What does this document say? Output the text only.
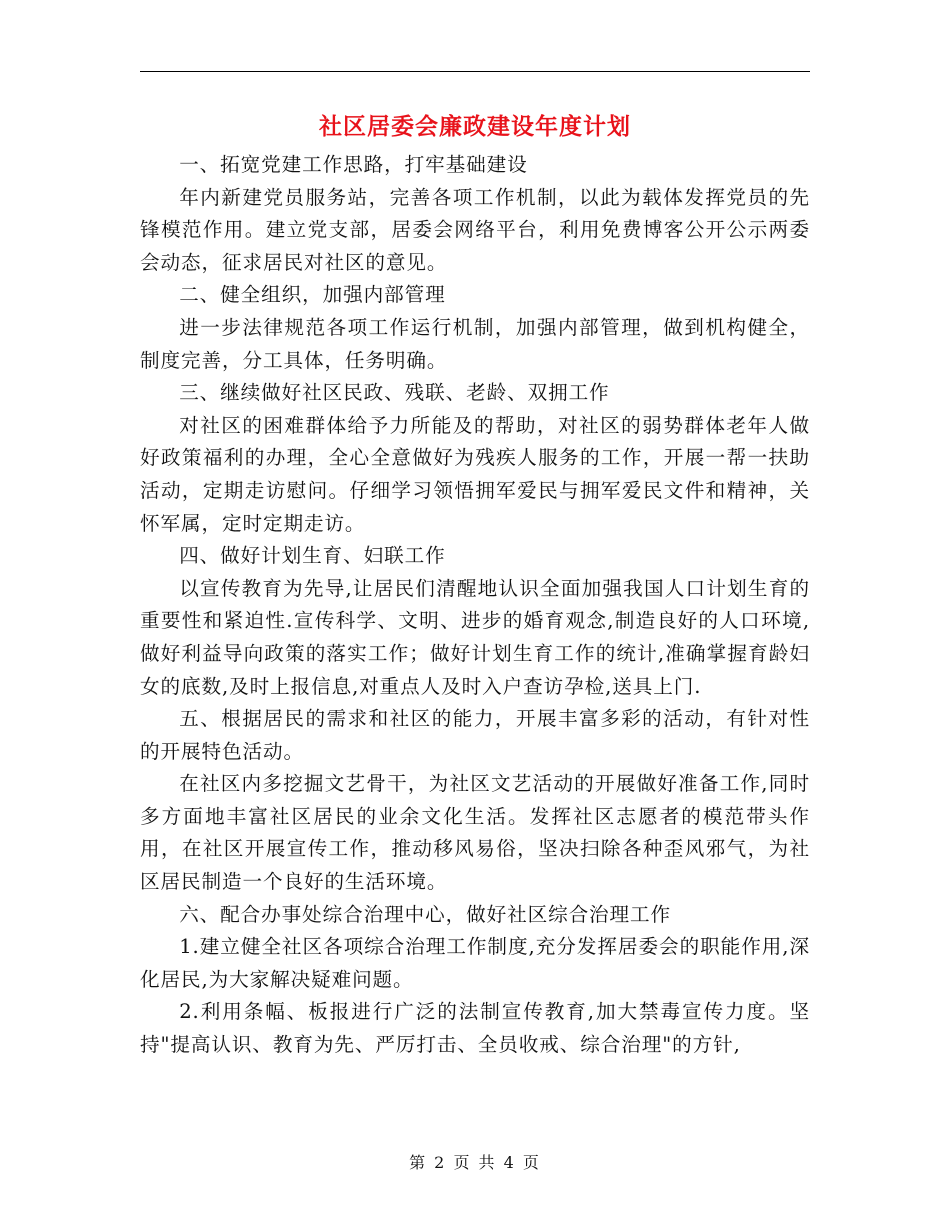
社区居委会廉政建设年度计划

一、拓宽党建工作思路，打牢基础建设

年内新建党员服务站，完善各项工作机制，以此为载体发挥党员的先锋模范作用。建立党支部，居委会网络平台，利用免费博客公开公示两委会动态，征求居民对社区的意见。

二、健全组织，加强内部管理

进一步法律规范各项工作运行机制，加强内部管理，做到机构健全，制度完善，分工具体，任务明确。

三、继续做好社区民政、残联、老龄、双拥工作

对社区的困难群体给予力所能及的帮助，对社区的弱势群体老年人做好政策福利的办理，全心全意做好为残疾人服务的工作，开展一帮一扶助活动，定期走访慰问。仔细学习领悟拥军爱民与拥军爱民文件和精神，关怀军属，定时定期走访。

四、做好计划生育、妇联工作

以宣传教育为先导,让居民们清醒地认识全面加强我国人口计划生育的重要性和紧迫性.宣传科学、文明、进步的婚育观念,制造良好的人口环境,做好利益导向政策的落实工作；做好计划生育工作的统计,准确掌握育龄妇女的底数,及时上报信息,对重点人及时入户查访孕检,送具上门.

五、根据居民的需求和社区的能力，开展丰富多彩的活动，有针对性的开展特色活动。

在社区内多挖掘文艺骨干，为社区文艺活动的开展做好准备工作,同时多方面地丰富社区居民的业余文化生活。发挥社区志愿者的模范带头作用，在社区开展宣传工作，推动移风易俗，坚决扫除各种歪风邪气，为社区居民制造一个良好的生活环境。

六、配合办事处综合治理中心，做好社区综合治理工作

1.建立健全社区各项综合治理工作制度,充分发挥居委会的职能作用,深化居民,为大家解决疑难问题。

2.利用条幅、板报进行广泛的法制宣传教育,加大禁毒宣传力度。坚持"提高认识、教育为先、严厉打击、全员收戒、综合治理"的方针,

第 2 页 共 4 页
